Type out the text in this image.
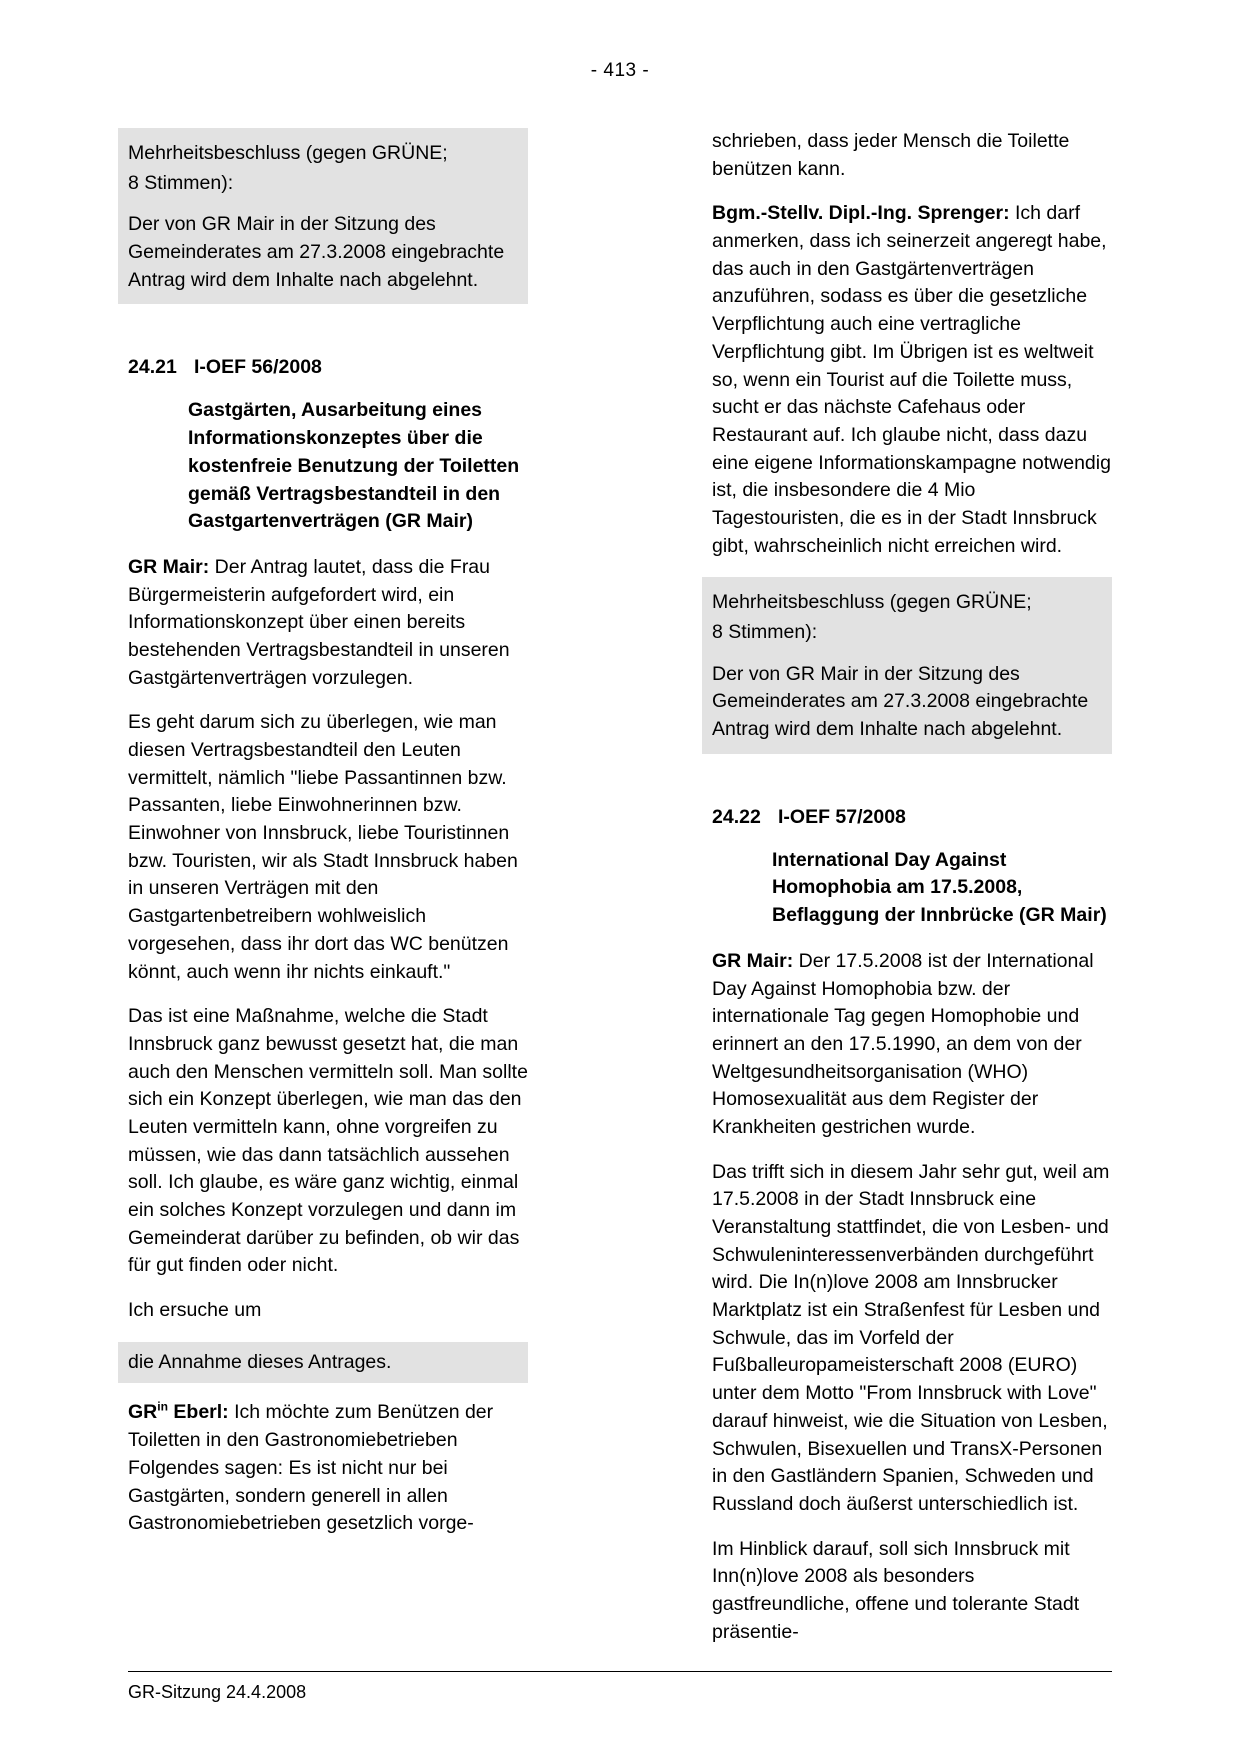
- 413 -

Mehrheitsbeschluss (gegen GRÜNE;

8 Stimmen):

Der von GR Mair in der Sitzung des Gemeinderates am 27.3.2008 eingebrachte Antrag wird dem Inhalte nach abgelehnt.

24.21 I-OEF 56/2008
Gastgärten, Ausarbeitung eines Informationskonzeptes über die kostenfreie Benutzung der Toiletten gemäß Vertragsbestandteil in den Gastgartenverträgen (GR Mair)

GR Mair: Der Antrag lautet, dass die Frau Bürgermeisterin aufgefordert wird, ein Informationskonzept über einen bereits bestehenden Vertragsbestandteil in unseren Gastgärtenverträgen vorzulegen.

Es geht darum sich zu überlegen, wie man diesen Vertragsbestandteil den Leuten vermittelt, nämlich "liebe Passantinnen bzw. Passanten, liebe Einwohnerinnen bzw. Einwohner von Innsbruck, liebe Touristinnen bzw. Touristen, wir als Stadt Innsbruck haben in unseren Verträgen mit den Gastgartenbetreibern wohlweislich vorgesehen, dass ihr dort das WC benützen könnt, auch wenn ihr nichts einkauft."

Das ist eine Maßnahme, welche die Stadt Innsbruck ganz bewusst gesetzt hat, die man auch den Menschen vermitteln soll. Man sollte sich ein Konzept überlegen, wie man das den Leuten vermitteln kann, ohne vorgreifen zu müssen, wie das dann tatsächlich aussehen soll. Ich glaube, es wäre ganz wichtig, einmal ein solches Konzept vorzulegen und dann im Gemeinderat darüber zu befinden, ob wir das für gut finden oder nicht.

Ich ersuche um

die Annahme dieses Antrages.

$GR^{in}$ Eberl: Ich möchte zum Benützen der Toiletten in den Gastronomiebetrieben Folgendes sagen: Es ist nicht nur bei Gastgärten, sondern generell in allen Gastronomiebetrieben gesetzlich vorge-

schrieben, dass jeder Mensch die Toilette benützen kann.

Bgm.-Stellv. Dipl.-Ing. Sprenger: Ich darf anmerken, dass ich seinerzeit angeregt habe, das auch in den Gastgärtenverträgen anzuführen, sodass es über die gesetzliche Verpflichtung auch eine vertragliche Verpflichtung gibt. Im Übrigen ist es weltweit so, wenn ein Tourist auf die Toilette muss, sucht er das nächste Cafehaus oder Restaurant auf. Ich glaube nicht, dass dazu eine eigene Informationskampagne notwendig ist, die insbesondere die 4 Mio Tagestouristen, die es in der Stadt Innsbruck gibt, wahrscheinlich nicht erreichen wird.

Mehrheitsbeschluss (gegen GRÜNE;

8 Stimmen):

Der von GR Mair in der Sitzung des Gemeinderates am 27.3.2008 eingebrachte Antrag wird dem Inhalte nach abgelehnt.

24.22 I-OEF 57/2008
International Day Against Homophobia am 17.5.2008, Beflaggung der Innbrücke (GR Mair)

GR Mair: Der 17.5.2008 ist der International Day Against Homophobia bzw. der internationale Tag gegen Homophobie und erinnert an den 17.5.1990, an dem von der Weltgesundheitsorganisation (WHO) Homosexualität aus dem Register der Krankheiten gestrichen wurde.

Das trifft sich in diesem Jahr sehr gut, weil am 17.5.2008 in der Stadt Innsbruck eine Veranstaltung stattfindet, die von Lesben- und Schwuleninteressenverbänden durchgeführt wird. Die In(n)love 2008 am Innsbrucker Marktplatz ist ein Straßenfest für Lesben und Schwule, das im Vorfeld der Fußballeuropameisterschaft 2008 (EURO) unter dem Motto "From Innsbruck with Love" darauf hinweist, wie die Situation von Lesben, Schwulen, Bisexuellen und TransX-Personen in den Gastländern Spanien, Schweden und Russland doch äußerst unterschiedlich ist.

Im Hinblick darauf, soll sich Innsbruck mit Inn(n)love 2008 als besonders gastfreundliche, offene und tolerante Stadt präsentie-

GR-Sitzung 24.4.2008
